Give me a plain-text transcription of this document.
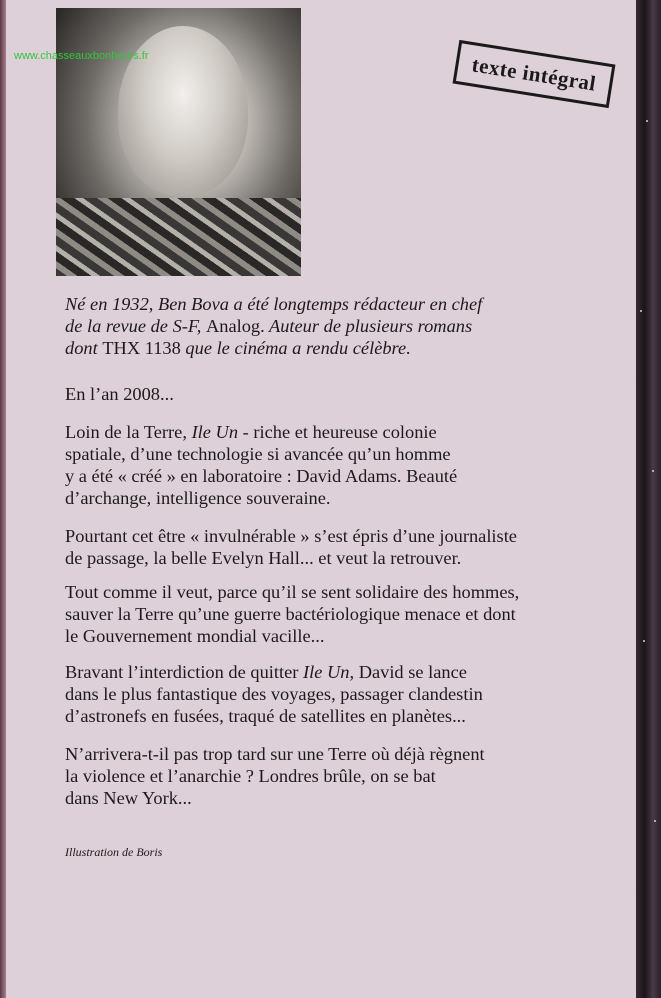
texte intégral

Né en 1932, Ben Bova a été longtemps rédacteur en chef

de la revue de S-F, Analog. Auteur de plusieurs romans

dont THX 1138 que le cinéma a rendu célèbre.

En l’an 2008...

Loin de la Terre, Ile Un - riche et heureuse colonie

spatiale, d’une technologie si avancée qu’un homme

y a été « créé » en laboratoire : David Adams. Beauté

d’archange, intelligence souveraine.

Pourtant cet être « invulnérable » s’est épris d’une journaliste

de passage, la belle Evelyn Hall... et veut la retrouver.

Tout comme il veut, parce qu’il se sent solidaire des hommes,

sauver la Terre qu’une guerre bactériologique menace et dont

le Gouvernement mondial vacille...

Bravant l’interdiction de quitter Ile Un, David se lance

dans le plus fantastique des voyages, passager clandestin

d’astronefs en fusées, traqué de satellites en planètes...

N’arrivera-t-il pas trop tard sur une Terre où déjà règnent

la violence et l’anarchie ? Londres brûle, on se bat

dans New York...

Illustration de Boris
www.chasseauxbonheurs.fr
